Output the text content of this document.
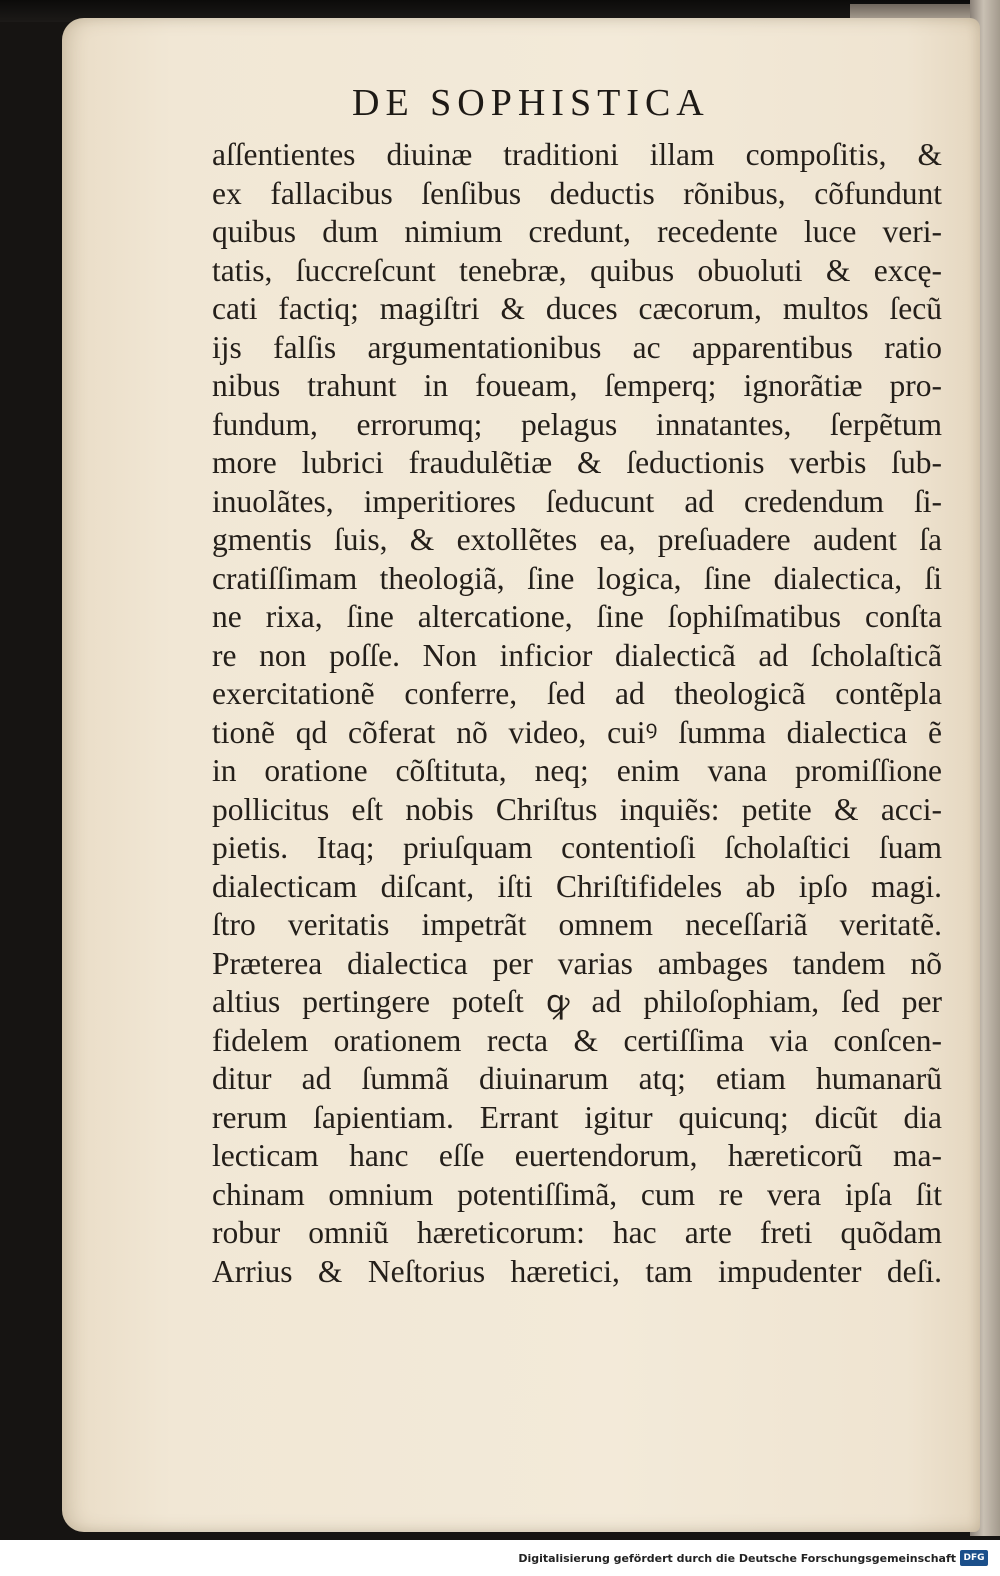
DE SOPHISTICA
aſſentientes diuinæ traditioni illam compoſitis, &
ex fallacibus ſenſibus deductis rõnibus, cõfundunt
quibus dum nimium credunt, recedente luce veri-
tatis, ſuccreſcunt tenebræ, quibus obuoluti & excę-
cati factiq; magiſtri & duces cæcorum, multos ſecũ
ijs falſis argumentationibus ac apparentibus ratio
nibus trahunt in foueam, ſemperq; ignorãtiæ pro-
fundum, errorumq; pelagus innatantes, ſerpẽtum
more lubrici fraudulẽtiæ & ſeductionis verbis ſub-
inuolãtes, imperitiores ſeducunt ad credendum ſi-
gmentis ſuis, & extollẽtes ea, preſuadere audent ſa
cratiſſimam theologiã, ſine logica, ſine dialectica, ſi
ne rixa, ſine altercatione, ſine ſophiſmatibus conſta
re non poſſe. Non inficior dialecticã ad ſcholaſticã
exercitationẽ conferre, ſed ad theologicã contẽpla
tionẽ qd cõferat nõ video, cuiꝰ ſumma dialectica ẽ
in oratione cõſtituta, neq; enim vana promiſſione
pollicitus eſt nobis Chriſtus inquiẽs: petite & acci-
pietis. Itaq; priuſquam contentioſi ſcholaſtici ſuam
dialecticam diſcant, iſti Chriſtifideles ab ipſo magi.
ſtro veritatis impetrãt omnem neceſſariã veritatẽ.
Præterea dialectica per varias ambages tandem nõ
altius pertingere poteſt ꝙ ad philoſophiam, ſed per
fidelem orationem recta & certiſſima via conſcen-
ditur ad ſummã diuinarum atq; etiam humanarũ
rerum ſapientiam. Errant igitur quicunq; dicũt dia
lecticam hanc eſſe euertendorum, hæreticorũ ma-
chinam omnium potentiſſimã, cum re vera ipſa ſit
robur omniũ hæreticorum: hac arte freti quõdam
Arrius & Neſtorius hæretici, tam impudenter deſi.
Digitalisierung gefördert durch die Deutsche Forschungsgemeinschaft DFG
